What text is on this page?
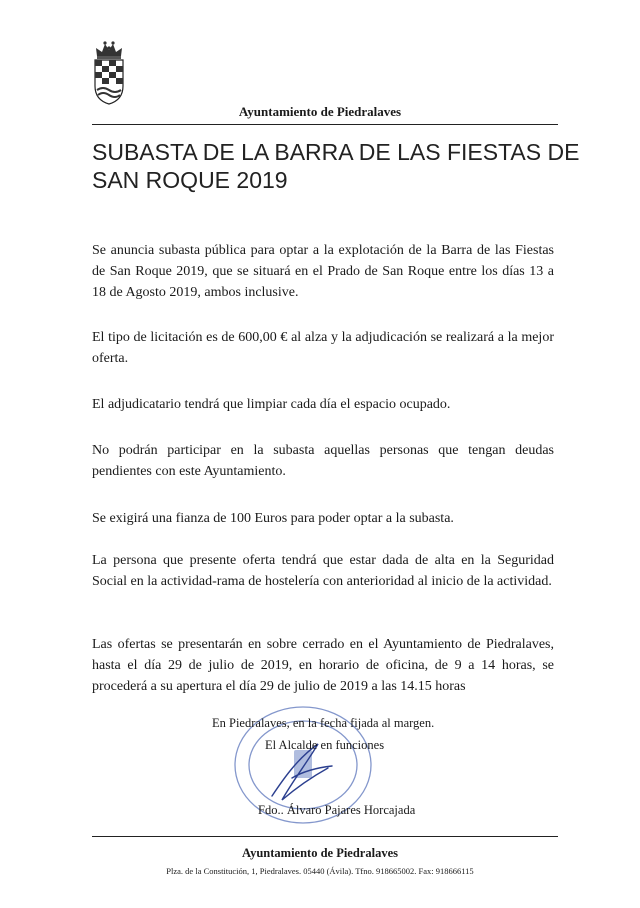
Ayuntamiento de Piedralaves
SUBASTA DE LA BARRA DE LAS FIESTAS DE SAN ROQUE 2019

Se anuncia subasta pública para optar a la explotación de la Barra de las Fiestas de San Roque 2019, que se situará en el Prado de San Roque entre los días 13 a 18 de Agosto 2019, ambos inclusive.

El tipo de licitación es de 600,00 € al alza y la adjudicación se realizará a la mejor oferta.

El adjudicatario tendrá que limpiar cada día el espacio ocupado.

No podrán participar en la subasta aquellas personas que tengan deudas pendientes con este Ayuntamiento.

Se exigirá una fianza de 100 Euros para poder optar a la subasta.

La persona que presente oferta tendrá que estar dada de alta en la Seguridad Social en la actividad-rama de hostelería con anterioridad al inicio de la actividad.

Las ofertas se presentarán en sobre cerrado en el Ayuntamiento de Piedralaves, hasta el día 29 de julio de 2019, en horario de oficina, de 9 a 14 horas, se procederá a su apertura el día 29 de julio de 2019 a las 14.15 horas

En Piedralaves, en la fecha fijada al margen.
El Alcalde en funciones
Fdo.. Álvaro Pajares Horcajada
Ayuntamiento de Piedralaves
Plza. de la Constitución, 1, Piedralaves. 05440 (Ávila). Tfno. 918665002. Fax: 918666115
